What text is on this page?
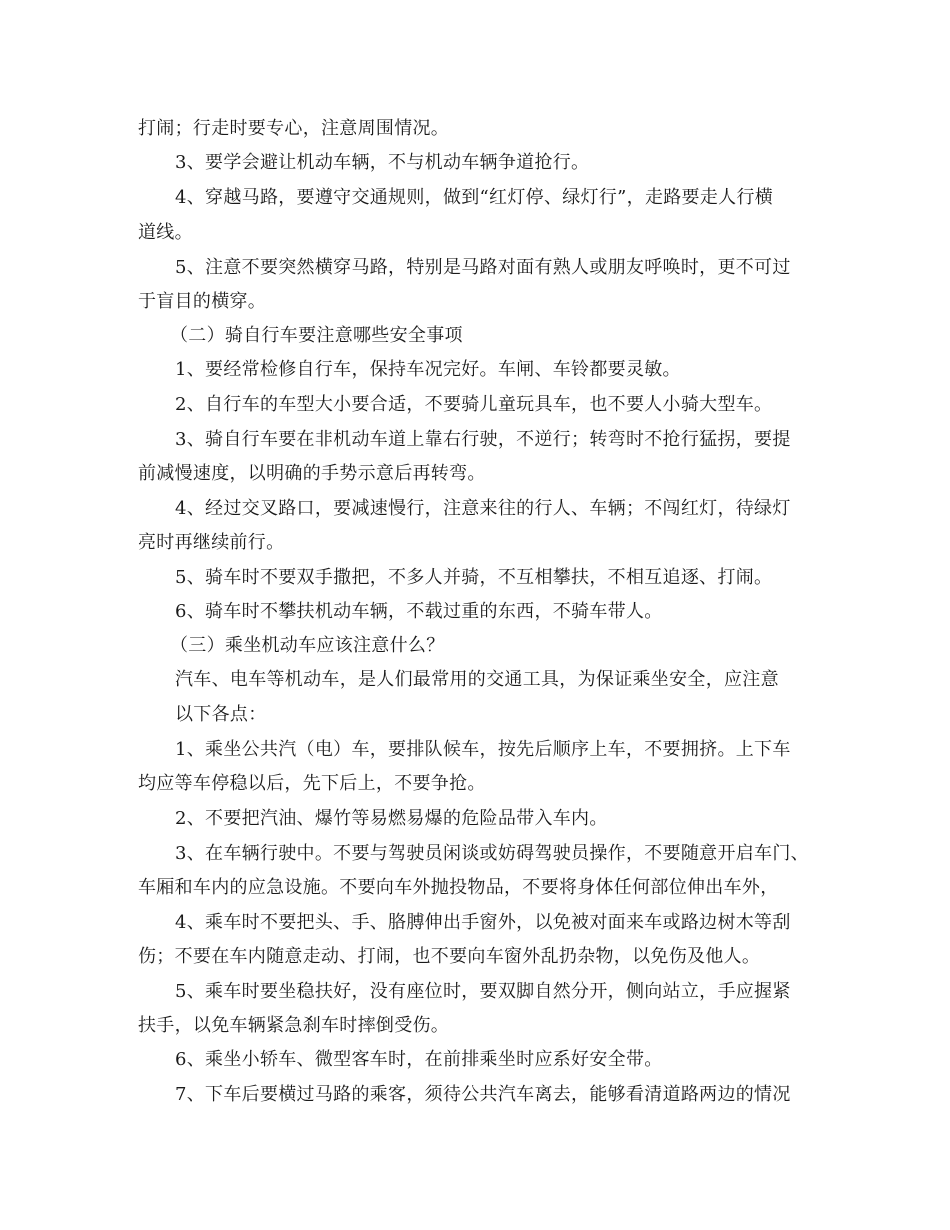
打闹；行走时要专心，注意周围情况。
3、要学会避让机动车辆，不与机动车辆争道抢行。
4、穿越马路，要遵守交通规则，做到“红灯停、绿灯行”，走路要走人行横
道线。
5、注意不要突然横穿马路，特别是马路对面有熟人或朋友呼唤时，更不可过
于盲目的横穿。
（二）骑自行车要注意哪些安全事项
1、要经常检修自行车，保持车况完好。车闸、车铃都要灵敏。
2、自行车的车型大小要合适，不要骑儿童玩具车，也不要人小骑大型车。
3、骑自行车要在非机动车道上靠右行驶，不逆行；转弯时不抢行猛拐，要提
前减慢速度，以明确的手势示意后再转弯。
4、经过交叉路口，要减速慢行，注意来往的行人、车辆；不闯红灯，待绿灯
亮时再继续前行。
5、骑车时不要双手撒把，不多人并骑，不互相攀扶，不相互追逐、打闹。
6、骑车时不攀扶机动车辆，不载过重的东西，不骑车带人。
（三）乘坐机动车应该注意什么？
汽车、电车等机动车，是人们最常用的交通工具，为保证乘坐安全，应注意
以下各点：
1、乘坐公共汽（电）车，要排队候车，按先后顺序上车，不要拥挤。上下车
均应等车停稳以后，先下后上，不要争抢。
2、不要把汽油、爆竹等易燃易爆的危险品带入车内。
3、在车辆行驶中。不要与驾驶员闲谈或妨碍驾驶员操作，不要随意开启车门、
车厢和车内的应急设施。不要向车外抛投物品，不要将身体任何部位伸出车外，
4、乘车时不要把头、手、胳膊伸出手窗外，以免被对面来车或路边树木等刮
伤；不要在车内随意走动、打闹，也不要向车窗外乱扔杂物，以免伤及他人。
5、乘车时要坐稳扶好，没有座位时，要双脚自然分开，侧向站立，手应握紧
扶手，以免车辆紧急刹车时摔倒受伤。
6、乘坐小轿车、微型客车时，在前排乘坐时应系好安全带。
7、下车后要横过马路的乘客，须待公共汽车离去，能够看清道路两边的情况
